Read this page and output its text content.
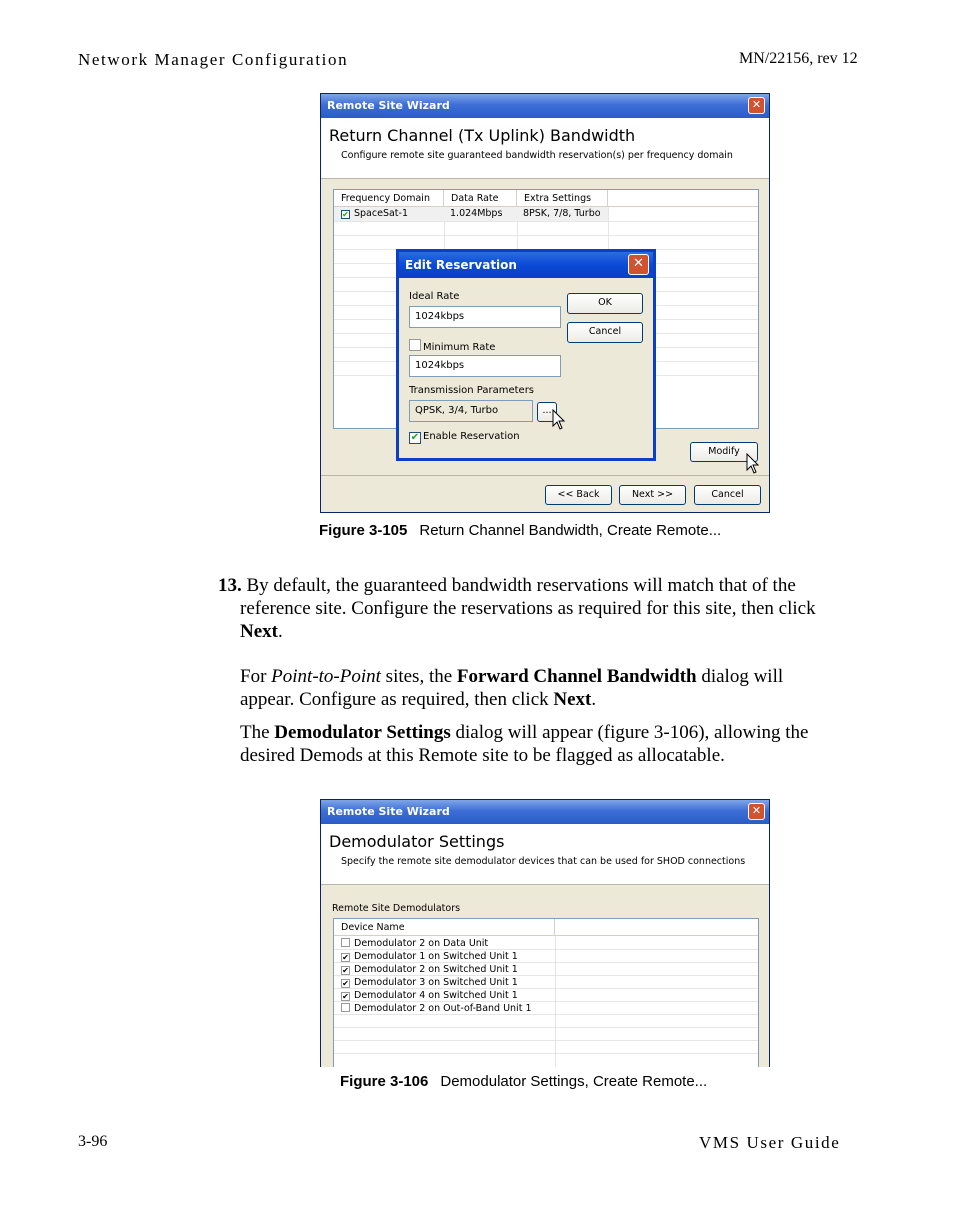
Network Manager Configuration	MN/22156, rev 12
3-96	VMS User Guide
Remote Site Wizard	✕
Return Channel (Tx Uplink) Bandwidth
Configure remote site guaranteed bandwidth reservation(s) per frequency domain
Frequency Domain	Data Rate	Extra Settings
✔ SpaceSat-1	1.024Mbps 8PSK, 7/8, Turbo
Modify
<< Back	Next >>	Cancel
Edit Reservation	✕
Ideal Rate
1024kbps
OK
Cancel
Minimum Rate
1024kbps
Transmission Parameters
QPSK, 3/4, Turbo	...
✔ Enable Reservation
Figure 3-105 Return Channel Bandwidth, Create Remote...
13. By default, the guaranteed bandwidth reservations will match that of the
reference site. Configure the reservations as required for this site, then click
Next.
For Point-to-Point sites, the Forward Channel Bandwidth dialog will
appear. Configure as required, then click Next.
The Demodulator Settings dialog will appear (figure 3-106), allowing the
desired Demods at this Remote site to be flagged as allocatable.
Remote Site Wizard	✕
Demodulator Settings
Specify the remote site demodulator devices that can be used for SHOD connections
Remote Site Demodulators
Device Name
Demodulator 2 on Data Unit
✔ Demodulator 1 on Switched Unit 1
✔ Demodulator 2 on Switched Unit 1
✔ Demodulator 3 on Switched Unit 1
✔ Demodulator 4 on Switched Unit 1
Demodulator 2 on Out-of-Band Unit 1
Figure 3-106 Demodulator Settings, Create Remote...
